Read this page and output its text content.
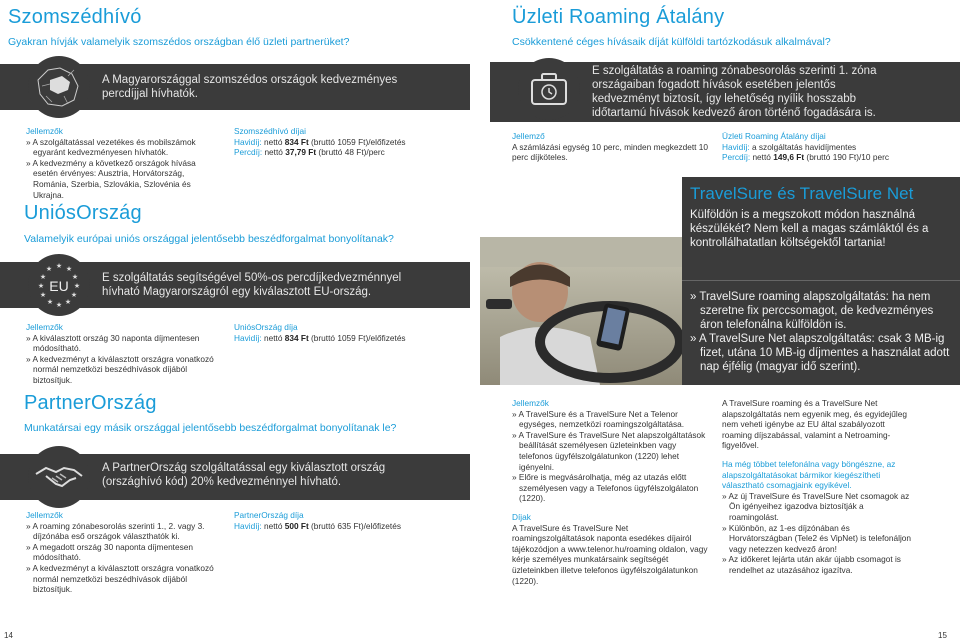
Szomszédhívó
Gyakran hívják valamelyik szomszédos országban élő üzleti partnerüket?
A Magyarországgal szomszédos országok kedvezményes percdíjjal hívhatók.
Jellemzők
» A szolgáltatással vezetékes és mobilszámok egyaránt kedvezményesen hívhatók.
» A kedvezmény a következő országok hívása esetén érvényes: Ausztria, Horvátország, Románia, Szerbia, Szlovákia, Szlovénia és Ukrajna.
Szomszédhívó díjai
Havidíj: nettó 834 Ft (bruttó 1059 Ft)/előfizetés
Percdíj: nettó 37,79 Ft (bruttó 48 Ft)/perc
UniósOrszág
Valamelyik európai uniós országgal jelentősebb beszédforgalmat bonyolítanak?
★ ★
★
★
★
★
★
★
★
★
★
★
EU	E szolgáltatás segítségével 50%-os percdíjkedvezménnyel hívható Magyarországról egy kiválasztott EU-ország.
Jellemzők
» A kiválasztott ország 30 naponta díjmentesen módosítható.
» A kedvezményt a kiválasztott országra vonatkozó normál nemzetközi beszédhívások díjából biztosítjuk.
UniósOrszág díja
Havidíj: nettó 834 Ft (bruttó 1059 Ft)/előfizetés
PartnerOrszág
Munkatársai egy másik országgal jelentősebb beszédforgalmat bonyolítanak le?
A PartnerOrszág szolgáltatással egy kiválasztott ország (országhívó kód) 20% kedvezménnyel hívható.
Jellemzők
» A roaming zónabesorolás szerinti 1., 2. vagy 3. díjzónába eső országok választhatók ki.
» A megadott ország 30 naponta díjmentesen módosítható.
» A kedvezményt a kiválasztott országra vonatkozó normál nemzetközi beszédhívások díjából biztosítjuk.
PartnerOrszág díja
Havidíj: nettó 500 Ft (bruttó 635 Ft)/előfizetés
14
Üzleti Roaming Átalány
Csökkentené céges hívásaik díját külföldi tartózkodásuk alkalmával?
E szolgáltatás a roaming zónabesorolás szerinti 1. zóna országaiban fogadott hívások esetében jelentős kedvezményt biztosít, így lehetőség nyílik hosszabb időtartamú hívások kedvező áron történő fogadására is.
Jellemző
A számlázási egység 10 perc, minden megkezdett 10 perc díjköteles.
Üzleti Roaming Átalány díjai
Havidíj: a szolgáltatás havidíjmentes
Percdíj: nettó 149,6 Ft (bruttó 190 Ft)/10 perc
TravelSure és TravelSure Net
Külföldön is a megszokott módon használná készülékét? Nem kell a magas számláktól és a kontrollálhatatlan költségektől tartania!
» TravelSure roaming alapszolgáltatás: ha nem szeretne fix perccsomagot, de kedvezményes áron telefonálna külföldön is.
» A TravelSure Net alapszolgáltatás: csak 3 MB-ig fizet, utána 10 MB-ig díjmentes a használat adott nap éjfélig (magyar idő szerint).
Jellemzők
» A TravelSure és a TravelSure Net a Telenor egységes, nemzetközi roamingszolgáltatása.
» A TravelSure és TravelSure Net alapszolgáltatások beállítását személyesen üzleteinkben vagy telefonos ügyfélszolgálatunkon (1220) lehet igényelni.
» Előre is megvásárolhatja, még az utazás előtt személyesen vagy a Telefonos ügyfélszolgálaton (1220).
Díjak
A TravelSure és TravelSure Net roamingszolgáltatások naponta esedékes díjairól tájékozódjon a www.telenor.hu/roaming oldalon, vagy kérje személyes munkatársaink segítségét üzleteinkben illetve telefonos ügyfélszolgálatunkon (1220).
A TravelSure roaming és a TravelSure Net alapszolgáltatás nem egyenik meg, és egyidejűleg nem veheti igénybe az EU által szabályozott roaming díjszabással, valamint a Netroaming-figyelővel.
Ha még többet telefonálna vagy böngészne, az alapszolgáltatásokat bármikor kiegészítheti választható csomagjaink egyikével.
» Az új TravelSure és TravelSure Net csomagok az Ön igényeihez igazodva biztosítják a roamingolást.
» Különbön, az 1-es díjzónában és Horvátországban (Tele2 és VipNet) is telefonáljon vagy netezzen kedvező áron!
» Az időkeret lejárta után akár újabb csomagot is rendelhet az utazásához igazítva.
15
